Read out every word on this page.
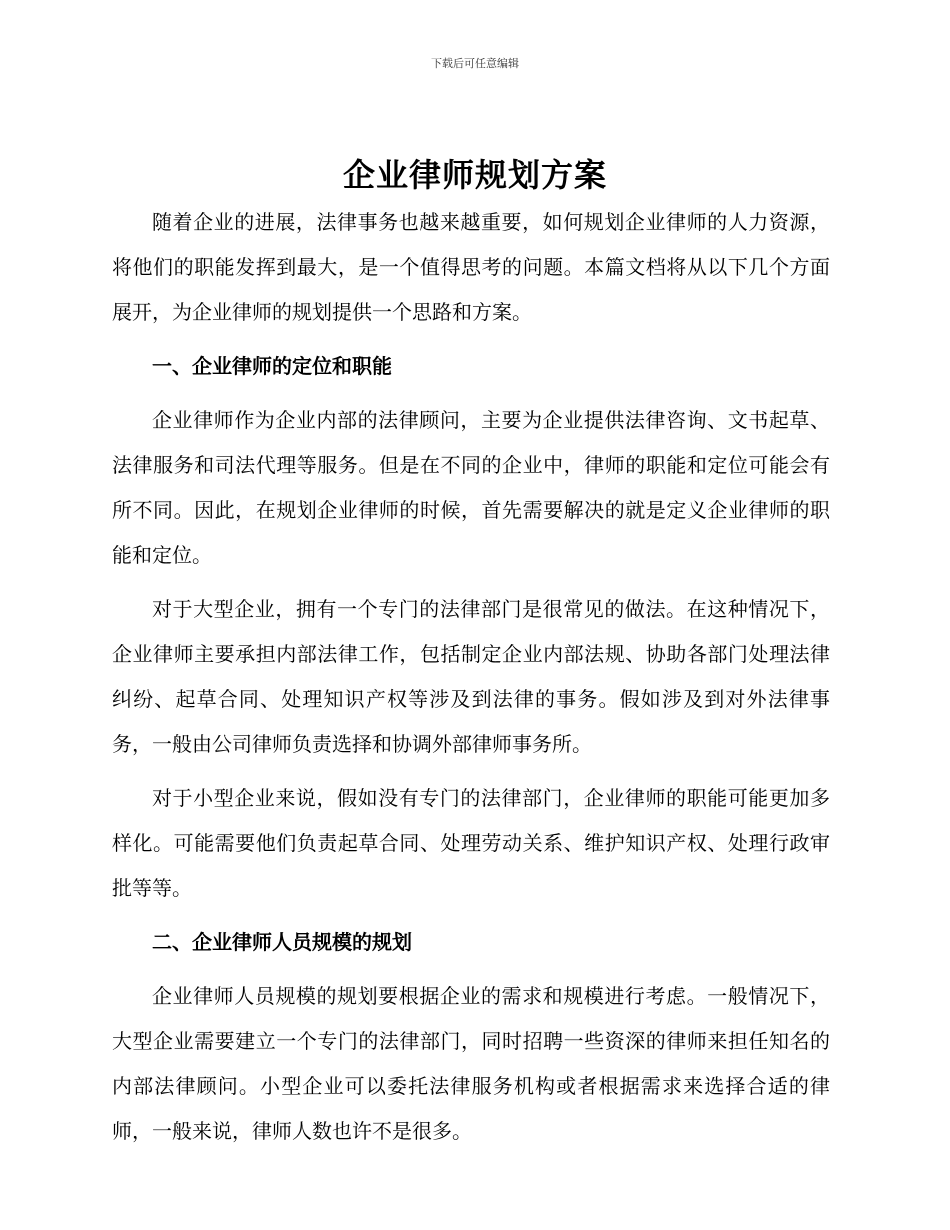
下载后可任意编辑
企业律师规划方案

随着企业的进展，法律事务也越来越重要，如何规划企业律师的人力资源，将他们的职能发挥到最大，是一个值得思考的问题。本篇文档将从以下几个方面展开，为企业律师的规划提供一个思路和方案。

一、企业律师的定位和职能

企业律师作为企业内部的法律顾问，主要为企业提供法律咨询、文书起草、法律服务和司法代理等服务。但是在不同的企业中，律师的职能和定位可能会有所不同。因此，在规划企业律师的时候，首先需要解决的就是定义企业律师的职能和定位。

对于大型企业，拥有一个专门的法律部门是很常见的做法。在这种情况下，企业律师主要承担内部法律工作，包括制定企业内部法规、协助各部门处理法律纠纷、起草合同、处理知识产权等涉及到法律的事务。假如涉及到对外法律事务，一般由公司律师负责选择和协调外部律师事务所。

对于小型企业来说，假如没有专门的法律部门，企业律师的职能可能更加多样化。可能需要他们负责起草合同、处理劳动关系、维护知识产权、处理行政审批等等。

二、企业律师人员规模的规划

企业律师人员规模的规划要根据企业的需求和规模进行考虑。一般情况下，大型企业需要建立一个专门的法律部门，同时招聘一些资深的律师来担任知名的内部法律顾问。小型企业可以委托法律服务机构或者根据需求来选择合适的律师，一般来说，律师人数也许不是很多。
